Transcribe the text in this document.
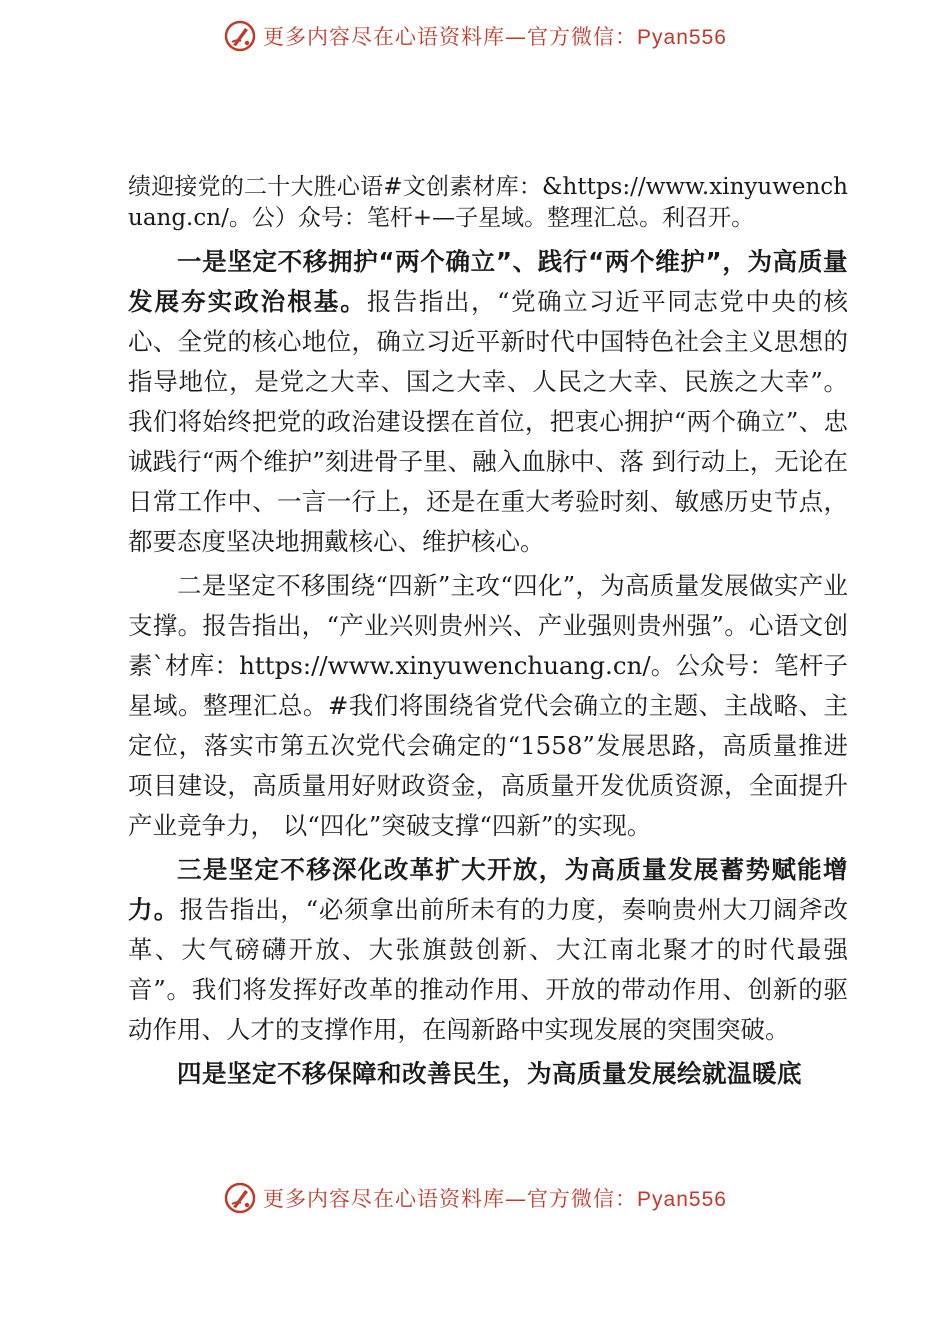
更多内容尽在心语资料库—官方微信：Pyan556

绩迎接党的二十大胜心语#文创素材库：&https://www.xinyuwenchuang.cn/。公）众号：笔杆+—子星域。整理汇总。利召开。

一是坚定不移拥护“两个确立”、践行“两个维护”，为高质量发展夯实政治根基。报告指出，“党确立习近平同志党中央的核心、全党的核心地位，确立习近平新时代中国特色社会主义思想的指导地位，是党之大幸、国之大幸、人民之大幸、民族之大幸”。我们将始终把党的政治建设摆在首位，把衷心拥护“两个确立”、忠诚践行“两个维护”刻进骨子里、融入血脉中、落 到行动上，无论在日常工作中、一言一行上，还是在重大考验时刻、敏感历史节点，都要态度坚决地拥戴核心、维护核心。

二是坚定不移围绕“四新”主攻“四化”，为高质量发展做实产业支撑。报告指出，“产业兴则贵州兴、产业强则贵州强”。心语文创素`材库：https://www.xinyuwenchuang.cn/。公众号：笔杆子星域。整理汇总。#我们将围绕省党代会确立的主题、主战略、主定位，落实市第五次党代会确定的“1558”发展思路，高质量推进项目建设，高质量用好财政资金，高质量开发优质资源，全面提升产业竞争力， 以“四化”突破支撑“四新”的实现。

三是坚定不移深化改革扩大开放，为高质量发展蓄势赋能增力。报告指出，“必须拿出前所未有的力度，奏响贵州大刀阔斧改革、大气磅礴开放、大张旗鼓创新、大江南北聚才的时代最强音”。我们将发挥好改革的推动作用、开放的带动作用、创新的驱动作用、人才的支撑作用，在闯新路中实现发展的突围突破。

四是坚定不移保障和改善民生，为高质量发展绘就温暖底

更多内容尽在心语资料库—官方微信：Pyan556
